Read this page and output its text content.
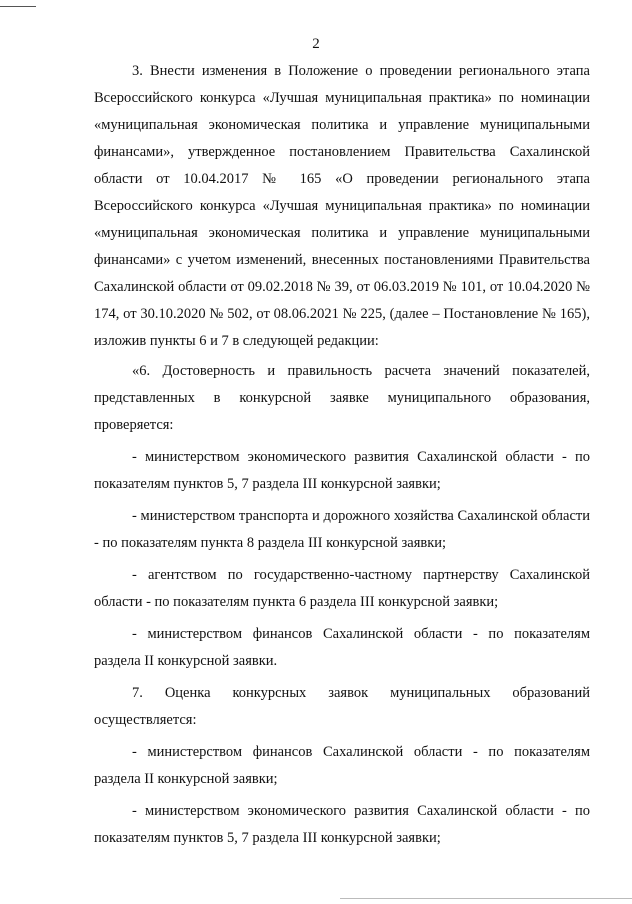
2

3. Внести изменения в Положение о проведении регионального этапа Всероссийского конкурса «Лучшая муниципальная практика» по номинации «муниципальная экономическая политика и управление муниципальными финансами», утвержденное постановлением Правительства Сахалинской области от 10.04.2017 № 165 «О проведении регионального этапа Всероссийского конкурса «Лучшая муниципальная практика» по номинации «муниципальная экономическая политика и управление муниципальными финансами» с учетом изменений, внесенных постановлениями Правительства Сахалинской области от 09.02.2018 № 39, от 06.03.2019 № 101, от 10.04.2020 № 174, от 30.10.2020 № 502, от 08.06.2021 № 225, (далее – Постановление № 165), изложив пункты 6 и 7 в следующей редакции:

«6. Достоверность и правильность расчета значений показателей, представленных в конкурсной заявке муниципального образования, проверяется:

- министерством экономического развития Сахалинской области - по показателям пунктов 5, 7 раздела III конкурсной заявки;

- министерством транспорта и дорожного хозяйства Сахалинской области - по показателям пункта 8 раздела III конкурсной заявки;

- агентством по государственно-частному партнерству Сахалинской области - по показателям пункта 6 раздела III конкурсной заявки;

- министерством финансов Сахалинской области - по показателям раздела II конкурсной заявки.

7. Оценка конкурсных заявок муниципальных образований осуществляется:

- министерством финансов Сахалинской области - по показателям раздела II конкурсной заявки;

- министерством экономического развития Сахалинской области - по показателям пунктов 5, 7 раздела III конкурсной заявки;
